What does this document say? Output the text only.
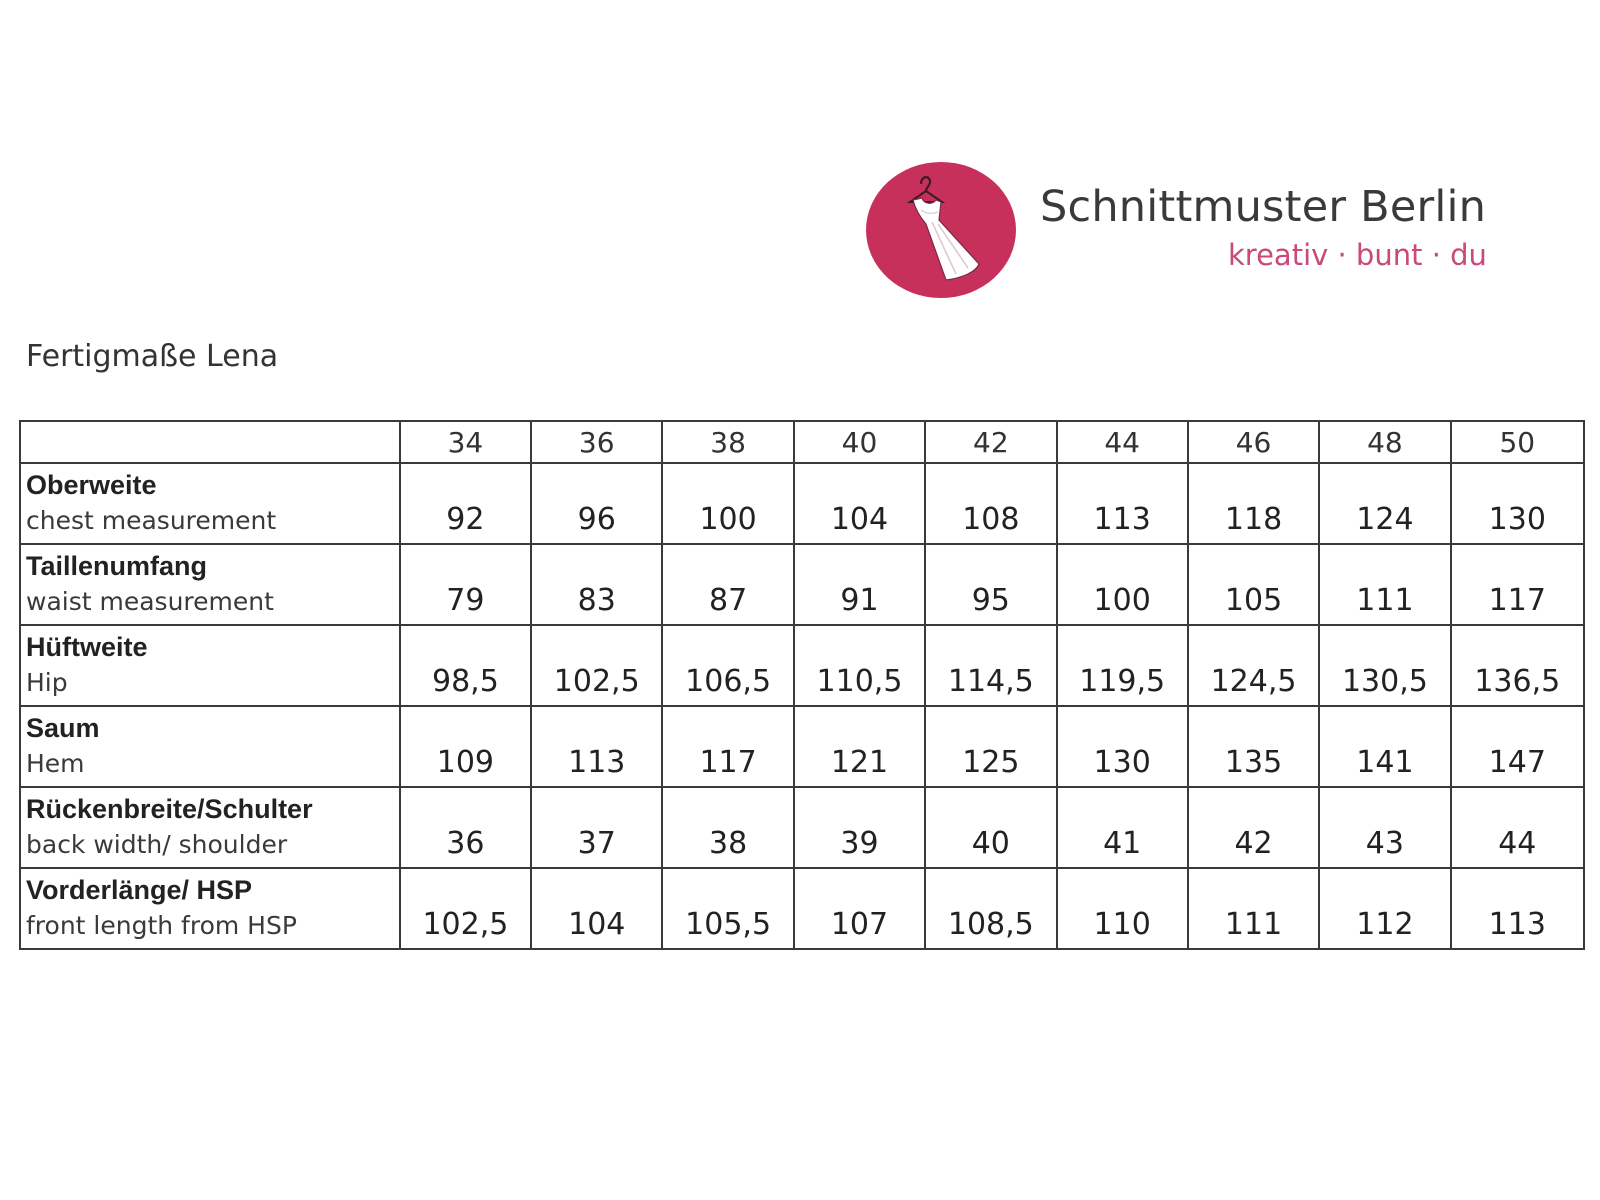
Schnittmuster Berlin
kreativ · bunt · du
Fertigmaße Lena
	34	36	38	40	42	44	46	48	50

Oberweite
chest measurement	92	96	100	104	108	113	118	124	130

Taillenumfang
waist measurement	79	83	87	91	95	100	105	111	117

Hüftweite
Hip	98,5	102,5	106,5	110,5	114,5	119,5	124,5	130,5	136,5

Saum
Hem	109	113	117	121	125	130	135	141	147

Rückenbreite/Schulter
back width/ shoulder	36	37	38	39	40	41	42	43	44

Vorderlänge/ HSP
front length from HSP	102,5	104	105,5	107	108,5	110	111	112	113
